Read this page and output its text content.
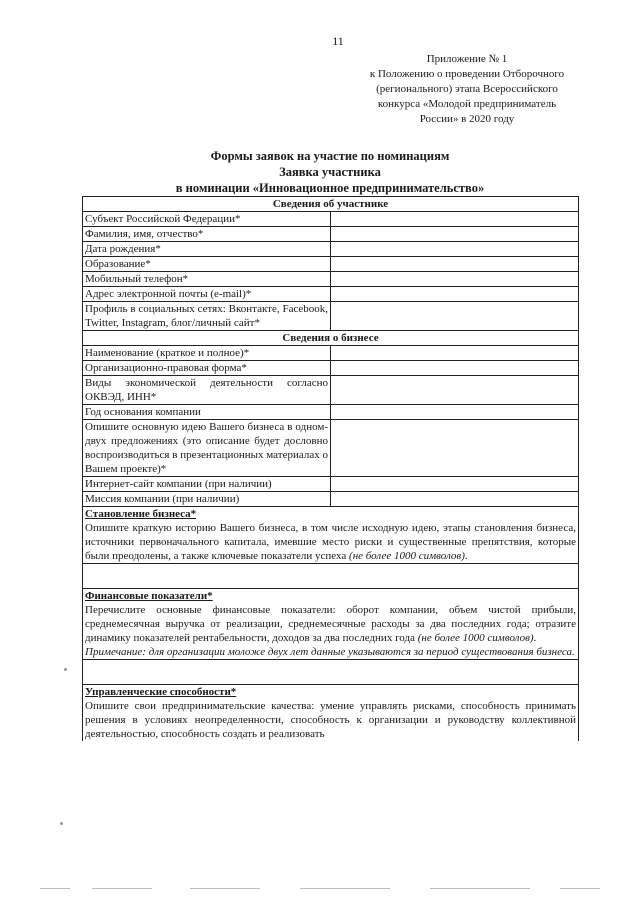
11
Приложение № 1
к Положению о проведении Отборочного
(регионального) этапа Всероссийского
конкурса «Молодой предприниматель
России» в 2020 году
Формы заявок на участие по номинациям
Заявка участника
в номинации «Инновационное предпринимательство»
Сведения об участнике	
Субъект Российской Федерации*	
Фамилия, имя, отчество*	
Дата рождения*	
Образование*	
Мобильный телефон*	
Адрес электронной почты (e-mail)*	
Профиль в социальных сетях: Вконтакте, Facebook, Twitter, Instagram, блог/личный сайт*	
Сведения о бизнесе	
Наименование (краткое и полное)*	
Организационно-правовая форма*	
Виды экономической деятельности согласно ОКВЭД, ИНН*	
Год основания компании	
Опишите основную идею Вашего бизнеса в одном-двух предложениях (это описание будет дословно воспроизводиться в презентационных материалах о Вашем проекте)*	
Интернет-сайт компании (при наличии)	
Миссия компании (при наличии)	

Становление бизнеса*
Опишите краткую историю Вашего бизнеса, в том числе исходную идею, этапы становления бизнеса, источники первоначального капитала, имевшие место риски и существенные препятствия, которые были преодолены, а также ключевые показатели успеха (не более 1000 символов).	

Финансовые показатели*
Перечислите основные финансовые показатели: оборот компании, объем чистой прибыли, среднемесячная выручка от реализации, среднемесячные расходы за два последних года; отразите динамику показателей рентабельности, доходов за два последних года (не более 1000 символов).
Примечание: для организации моложе двух лет данные указываются за период существования бизнеса.	

Управленческие способности*
Опишите свои предпринимательские качества: умение управлять рисками, способность принимать решения в условиях неопределенности, способность к организации и руководству коллективной деятельностью, способность создать и реализовать	
